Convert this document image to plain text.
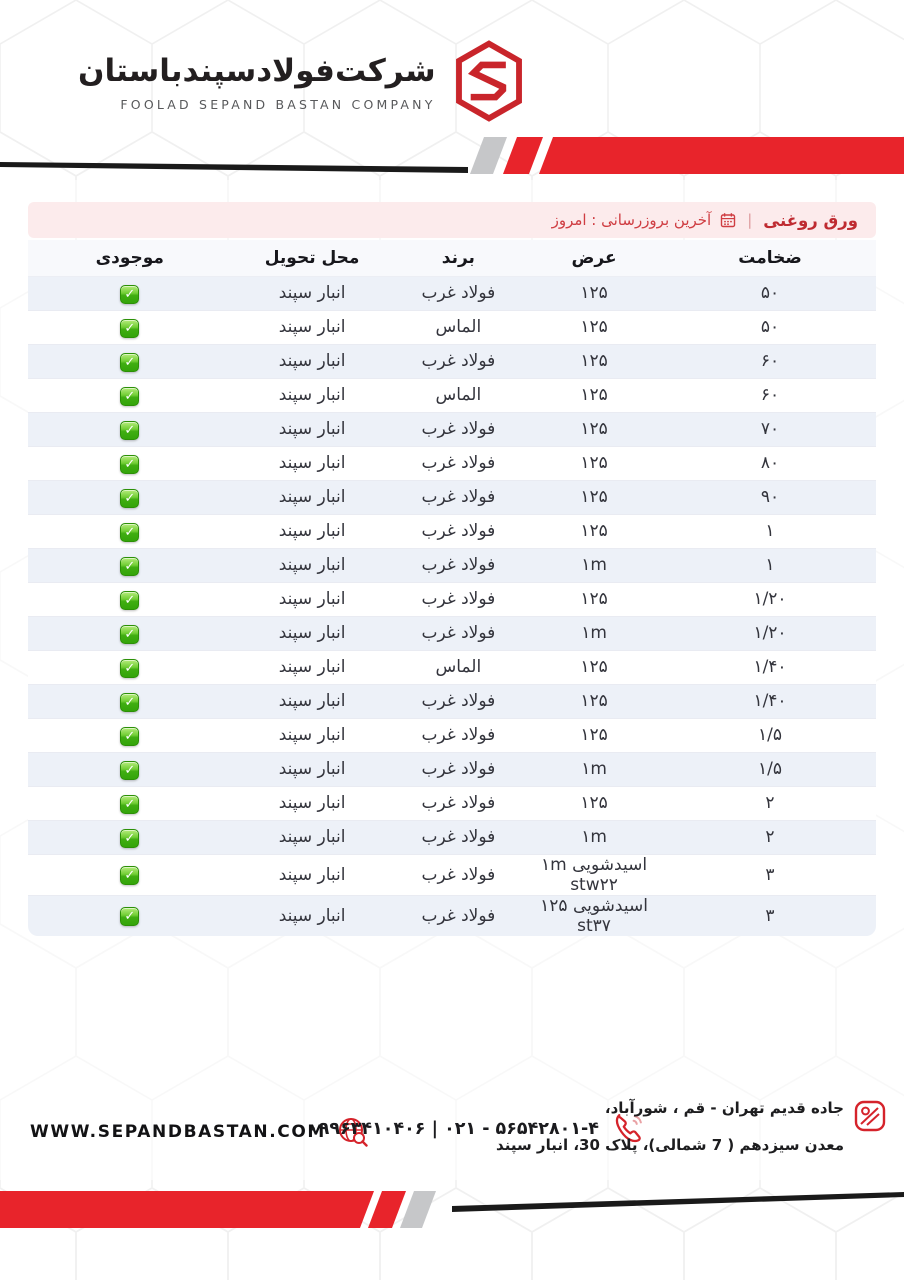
شرکت‌فولادسپندباستان
FOOLAD SEPAND BASTAN COMPANY
ورق روغنی
|
آخرین بروزرسانی : امروز
ضخامت	عرض	برند	محل تحویل	موجودی
۵۰	۱۲۵	فولاد غرب	انبار سپند	✓
۵۰	۱۲۵	الماس	انبار سپند	✓
۶۰	۱۲۵	فولاد غرب	انبار سپند	✓
۶۰	۱۲۵	الماس	انبار سپند	✓
۷۰	۱۲۵	فولاد غرب	انبار سپند	✓
۸۰	۱۲۵	فولاد غرب	انبار سپند	✓
۹۰	۱۲۵	فولاد غرب	انبار سپند	✓
۱	۱۲۵	فولاد غرب	انبار سپند	✓
۱	۱m	فولاد غرب	انبار سپند	✓
۱/۲۰	۱۲۵	فولاد غرب	انبار سپند	✓
۱/۲۰	۱m	فولاد غرب	انبار سپند	✓
۱/۴۰	۱۲۵	الماس	انبار سپند	✓
۱/۴۰	۱۲۵	فولاد غرب	انبار سپند	✓
۱/۵	۱۲۵	فولاد غرب	انبار سپند	✓
۱/۵	۱m	فولاد غرب	انبار سپند	✓
۲	۱۲۵	فولاد غرب	انبار سپند	✓
۲	۱m	فولاد غرب	انبار سپند	✓
۳	۱m اسیدشویی stw۲۲	فولاد غرب	انبار سپند	✓
۳	۱۲۵ اسیدشویی st۳۷	فولاد غرب	انبار سپند	✓
WWW.SEPANDBASTAN.COM
۰۹۹۶۳۴۱۰۴۰۶ | ۰۲۱ - ۵۶۵۴۲۸۰۱-۴
جاده قدیم تهران - قم ، شورآباد،
معدن سیزدهم ( 7 شمالی)، پلاک 30، انبار سپند
